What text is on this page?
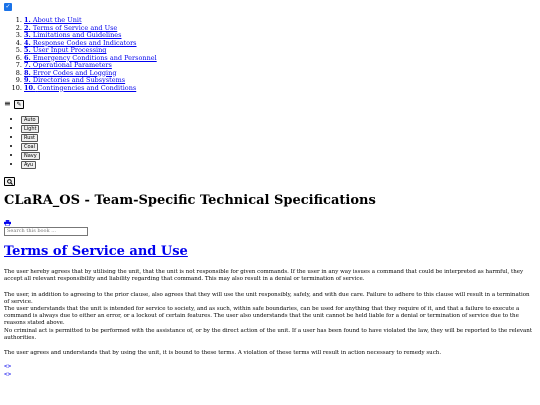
✓
1. 1. About the Unit
2. 2. Terms of Service and Use
3. 3. Limitations and Guidelines
4. 4. Response Codes and Indicators
5. 5. User Input Processing
6. 6. Emergency Conditions and Personnel
7. 7. Operational Parameters
8. 8. Error Codes and Logging
9. 9. Directories and Subsystems
10. 10. Contingencies and Conditions
≡ ✎
• Auto
• Light
• Rust
• Coal
• Navy
• Ayu
CLaRA_OS - Team-Specific Technical Specifications
Search this book ...
Terms of Service and Use

The user hereby agrees that by utilising the unit, that the unit is not responsible for given commands. If the user in any way issues a command that could be interpreted as harmful, they accept all relevant responsibility and liability regarding that command. This may also result in a denial or termination of service.

The user, in addition to agreeing to the prior clause, also agrees that they will use the unit responsibly, safely, and with due care. Failure to adhere to this clause will result in a termination of service.

The user understands that the unit is intended for service to society, and as such, within safe boundaries, can be used for anything that they require of it, and that a failure to execute a command is always due to either an error, or a lockout of certain features. The user also understands that the unit cannot be held liable for a denial or termination of service due to the reasons stated above.

No criminal act is permitted to be performed with the assistance of, or by the direct action of the unit. If a user has been found to have violated the law, they will be reported to the relevant authorities.

The user agrees and understands that by using the unit, it is bound to these terms. A violation of these terms will result in action necessary to remedy such.

<>
<>
